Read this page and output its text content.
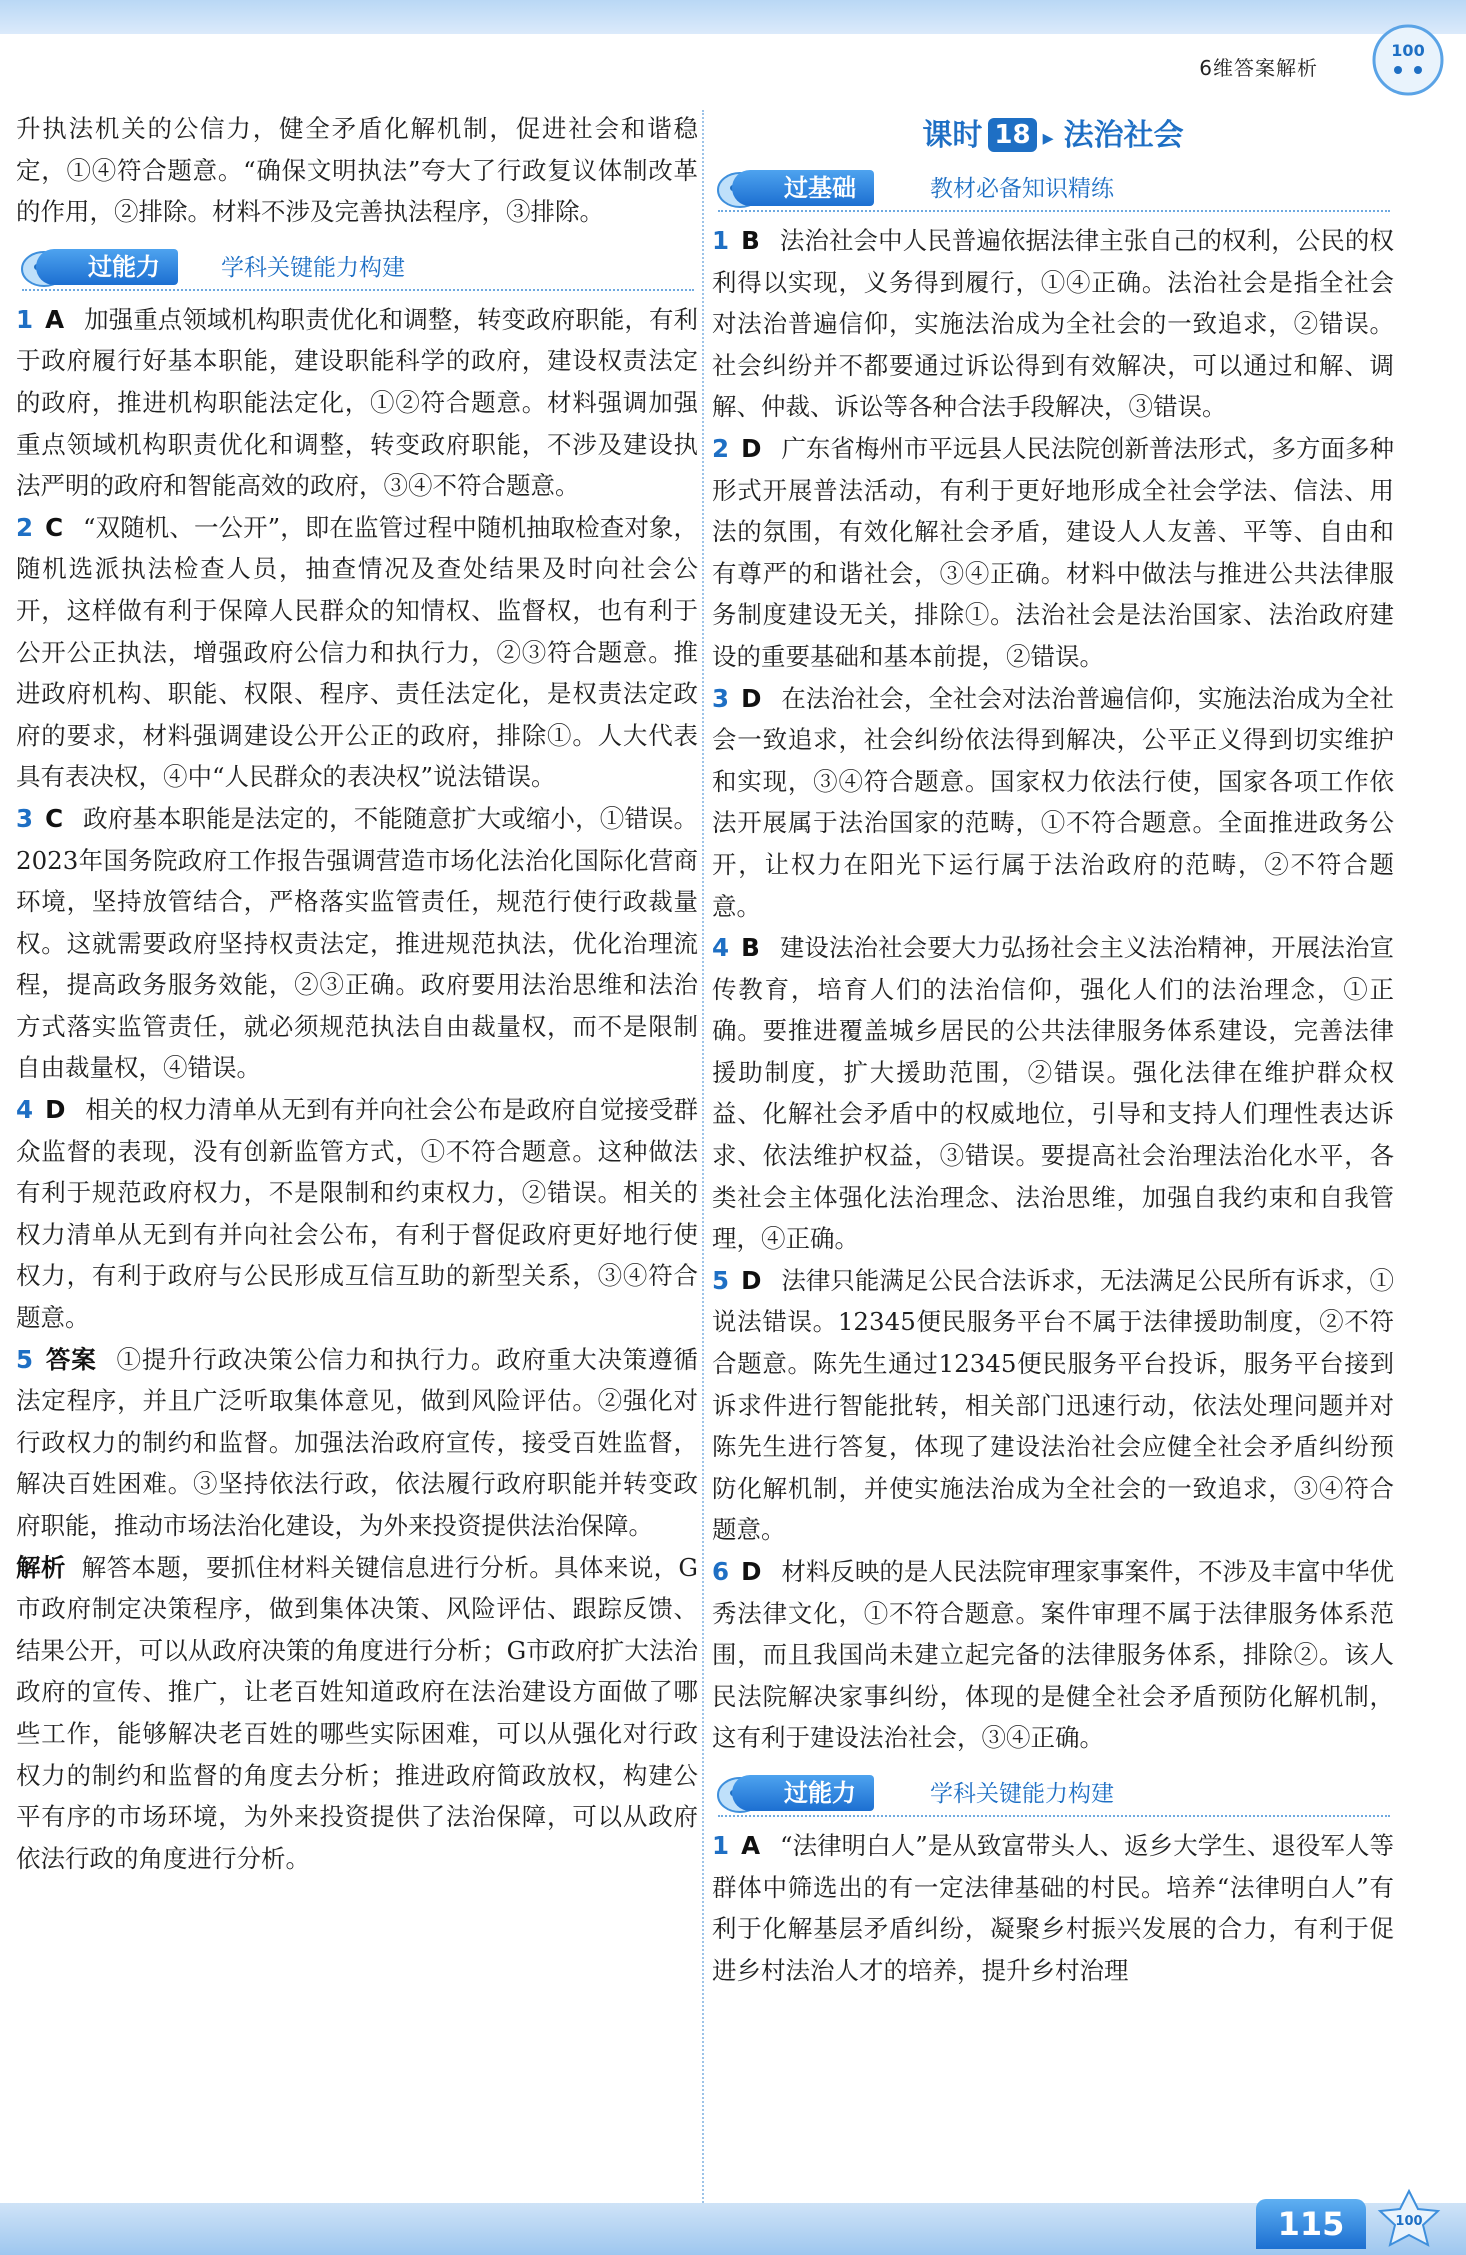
6维答案解析
100

升执法机关的公信力，健全矛盾化解机制，促进社会和谐稳定，①④符合题意。“确保文明执法”夸大了行政复议体制改革的作用，②排除。材料不涉及完善执法程序，③排除。

过能力	学科关键能力构建

1 A 加强重点领域机构职责优化和调整，转变政府职能，有利于政府履行好基本职能，建设职能科学的政府，建设权责法定的政府，推进机构职能法定化，①②符合题意。材料强调加强重点领域机构职责优化和调整，转变政府职能，不涉及建设执法严明的政府和智能高效的政府，③④不符合题意。

2 C “双随机、一公开”，即在监管过程中随机抽取检查对象，随机选派执法检查人员，抽查情况及查处结果及时向社会公开，这样做有利于保障人民群众的知情权、监督权，也有利于公开公正执法，增强政府公信力和执行力，②③符合题意。推进政府机构、职能、权限、程序、责任法定化，是权责法定政府的要求，材料强调建设公开公正的政府，排除①。人大代表具有表决权，④中“人民群众的表决权”说法错误。

3 C 政府基本职能是法定的，不能随意扩大或缩小，①错误。2023年国务院政府工作报告强调营造市场化法治化国际化营商环境，坚持放管结合，严格落实监管责任，规范行使行政裁量权。这就需要政府坚持权责法定，推进规范执法，优化治理流程，提高政务服务效能，②③正确。政府要用法治思维和法治方式落实监管责任，就必须规范执法自由裁量权，而不是限制自由裁量权，④错误。

4 D 相关的权力清单从无到有并向社会公布是政府自觉接受群众监督的表现，没有创新监管方式，①不符合题意。这种做法有利于规范政府权力，不是限制和约束权力，②错误。相关的权力清单从无到有并向社会公布，有利于督促政府更好地行使权力，有利于政府与公民形成互信互助的新型关系，③④符合题意。

5 答案 ①提升行政决策公信力和执行力。政府重大决策遵循法定程序，并且广泛听取集体意见，做到风险评估。②强化对行政权力的制约和监督。加强法治政府宣传，接受百姓监督，解决百姓困难。③坚持依法行政，依法履行政府职能并转变政府职能，推动市场法治化建设，为外来投资提供法治保障。

解析 解答本题，要抓住材料关键信息进行分析。具体来说，G市政府制定决策程序，做到集体决策、风险评估、跟踪反馈、结果公开，可以从政府决策的角度进行分析；G市政府扩大法治政府的宣传、推广，让老百姓知道政府在法治建设方面做了哪些工作，能够解决老百姓的哪些实际困难，可以从强化对行政权力的制约和监督的角度去分析；推进政府简政放权，构建公平有序的市场环境，为外来投资提供了法治保障，可以从政府依法行政的角度进行分析。

课时 18 ▸ 法治社会
过基础	教材必备知识精练

1 B 法治社会中人民普遍依据法律主张自己的权利，公民的权利得以实现，义务得到履行，①④正确。法治社会是指全社会对法治普遍信仰，实施法治成为全社会的一致追求，②错误。社会纠纷并不都要通过诉讼得到有效解决，可以通过和解、调解、仲裁、诉讼等各种合法手段解决，③错误。

2 D 广东省梅州市平远县人民法院创新普法形式，多方面多种形式开展普法活动，有利于更好地形成全社会学法、信法、用法的氛围，有效化解社会矛盾，建设人人友善、平等、自由和有尊严的和谐社会，③④正确。材料中做法与推进公共法律服务制度建设无关，排除①。法治社会是法治国家、法治政府建设的重要基础和基本前提，②错误。

3 D 在法治社会，全社会对法治普遍信仰，实施法治成为全社会一致追求，社会纠纷依法得到解决，公平正义得到切实维护和实现，③④符合题意。国家权力依法行使，国家各项工作依法开展属于法治国家的范畴，①不符合题意。全面推进政务公开，让权力在阳光下运行属于法治政府的范畴，②不符合题意。

4 B 建设法治社会要大力弘扬社会主义法治精神，开展法治宣传教育，培育人们的法治信仰，强化人们的法治理念，①正确。要推进覆盖城乡居民的公共法律服务体系建设，完善法律援助制度，扩大援助范围，②错误。强化法律在维护群众权益、化解社会矛盾中的权威地位，引导和支持人们理性表达诉求、依法维护权益，③错误。要提高社会治理法治化水平，各类社会主体强化法治理念、法治思维，加强自我约束和自我管理，④正确。

5 D 法律只能满足公民合法诉求，无法满足公民所有诉求，①说法错误。12345便民服务平台不属于法律援助制度，②不符合题意。陈先生通过12345便民服务平台投诉，服务平台接到诉求件进行智能批转，相关部门迅速行动，依法处理问题并对陈先生进行答复，体现了建设法治社会应健全社会矛盾纠纷预防化解机制，并使实施法治成为全社会的一致追求，③④符合题意。

6 D 材料反映的是人民法院审理家事案件，不涉及丰富中华优秀法律文化，①不符合题意。案件审理不属于法律服务体系范围，而且我国尚未建立起完备的法律服务体系，排除②。该人民法院解决家事纠纷，体现的是健全社会矛盾预防化解机制，这有利于建设法治社会，③④正确。

过能力	学科关键能力构建

1 A “法律明白人”是从致富带头人、返乡大学生、退役军人等群体中筛选出的有一定法律基础的村民。培养“法律明白人”有利于化解基层矛盾纠纷，凝聚乡村振兴发展的合力，有利于促进乡村法治人才的培养，提升乡村治理

115	100
